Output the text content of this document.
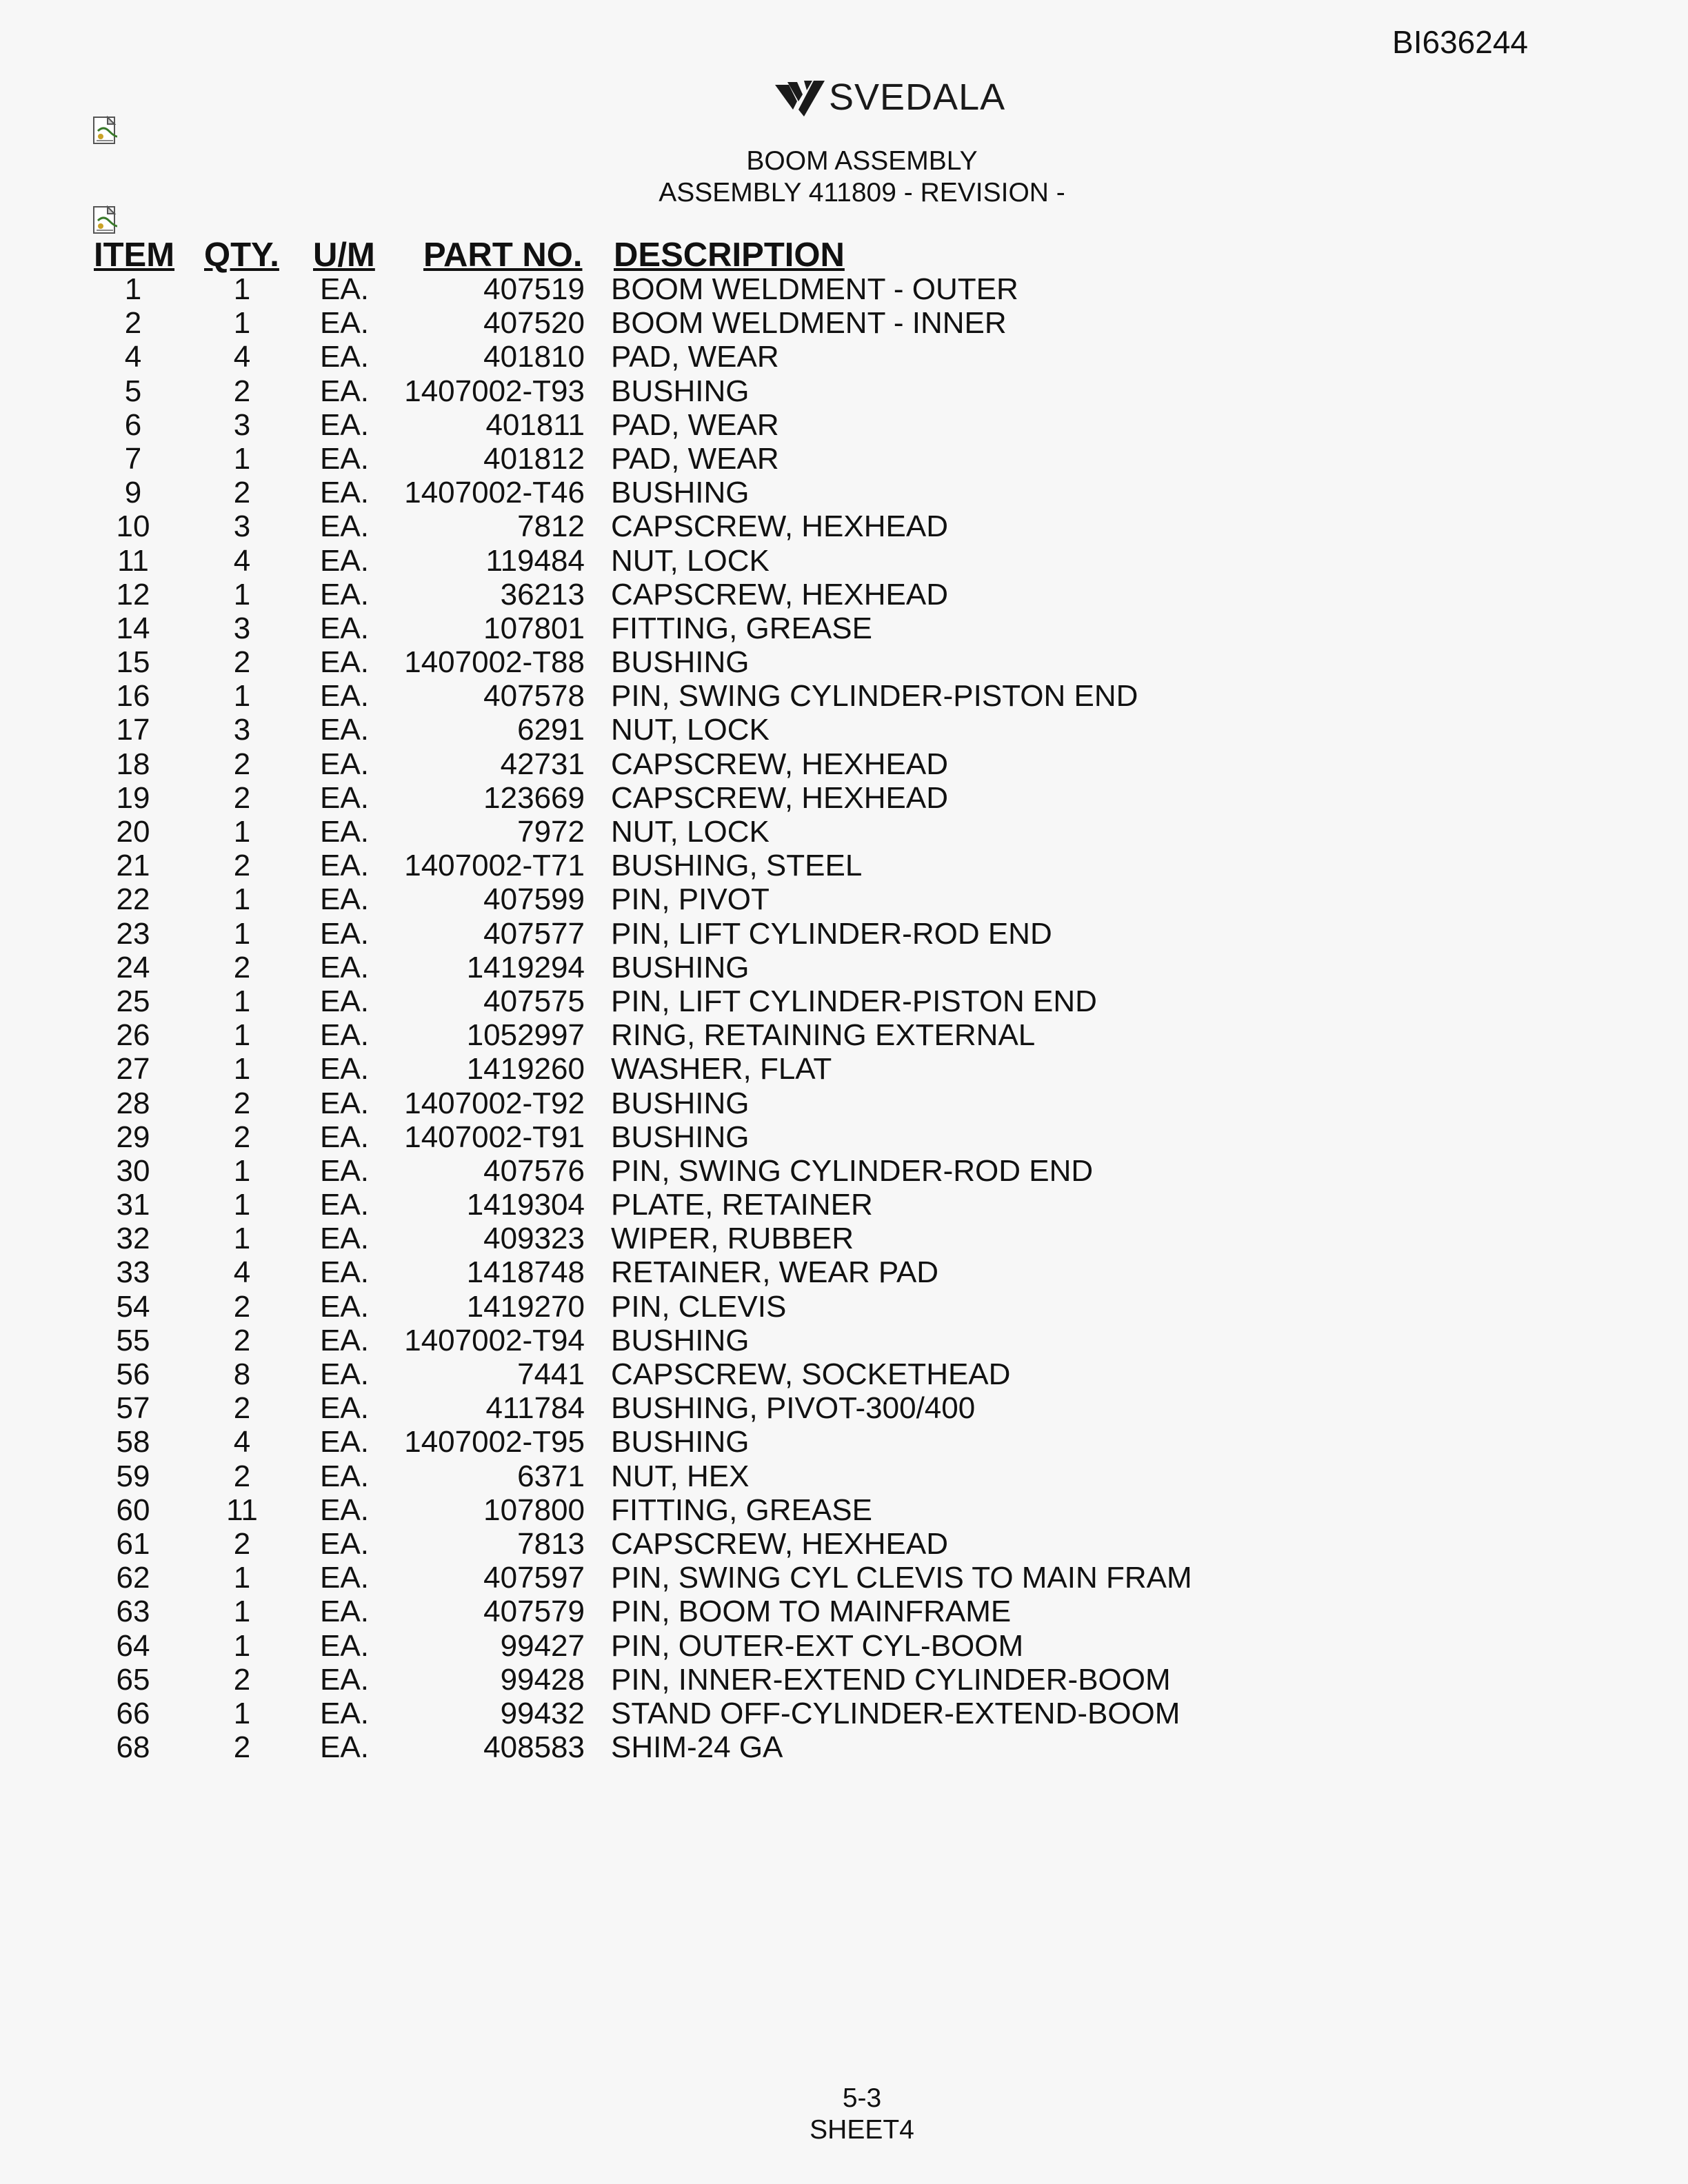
BI636244
SVEDALA
BOOM ASSEMBLY
ASSEMBLY 411809 - REVISION -
ITEM QTY. U/M PART NO. DESCRIPTION
1	1	EA.	407519 BOOM WELDMENT - OUTER
2	1	EA.	407520 BOOM WELDMENT - INNER
4	4	EA.	401810 PAD, WEAR
5	2	EA.	1407002-T93 BUSHING
6	3	EA.	401811 PAD, WEAR
7	1	EA.	401812 PAD, WEAR
9	2	EA.	1407002-T46 BUSHING
10	3	EA.	7812 CAPSCREW, HEXHEAD
11	4	EA.	119484 NUT, LOCK
12	1	EA.	36213 CAPSCREW, HEXHEAD
14	3	EA.	107801 FITTING, GREASE
15	2	EA.	1407002-T88 BUSHING
16	1	EA.	407578 PIN, SWING CYLINDER-PISTON END
17	3	EA.	6291 NUT, LOCK
18	2	EA.	42731 CAPSCREW, HEXHEAD
19	2	EA.	123669 CAPSCREW, HEXHEAD
20	1	EA.	7972 NUT, LOCK
21	2	EA.	1407002-T71 BUSHING, STEEL
22	1	EA.	407599 PIN, PIVOT
23	1	EA.	407577 PIN, LIFT CYLINDER-ROD END
24	2	EA.	1419294 BUSHING
25	1	EA.	407575 PIN, LIFT CYLINDER-PISTON END
26	1	EA.	1052997 RING, RETAINING EXTERNAL
27	1	EA.	1419260 WASHER, FLAT
28	2	EA.	1407002-T92 BUSHING
29	2	EA.	1407002-T91 BUSHING
30	1	EA.	407576 PIN, SWING CYLINDER-ROD END
31	1	EA.	1419304 PLATE, RETAINER
32	1	EA.	409323 WIPER, RUBBER
33	4	EA.	1418748 RETAINER, WEAR PAD
54	2	EA.	1419270 PIN, CLEVIS
55	2	EA.	1407002-T94 BUSHING
56	8	EA.	7441 CAPSCREW, SOCKETHEAD
57	2	EA.	411784 BUSHING, PIVOT-300/400
58	4	EA.	1407002-T95 BUSHING
59	2	EA.	6371 NUT, HEX
60	11	EA.	107800 FITTING, GREASE
61	2	EA.	7813 CAPSCREW, HEXHEAD
62	1	EA.	407597 PIN, SWING CYL CLEVIS TO MAIN FRAM
63	1	EA.	407579 PIN, BOOM TO MAINFRAME
64	1	EA.	99427 PIN, OUTER-EXT CYL-BOOM
65	2	EA.	99428 PIN, INNER-EXTEND CYLINDER-BOOM
66	1	EA.	99432 STAND OFF-CYLINDER-EXTEND-BOOM
68	2	EA.	408583 SHIM-24 GA
5-3
SHEET4
